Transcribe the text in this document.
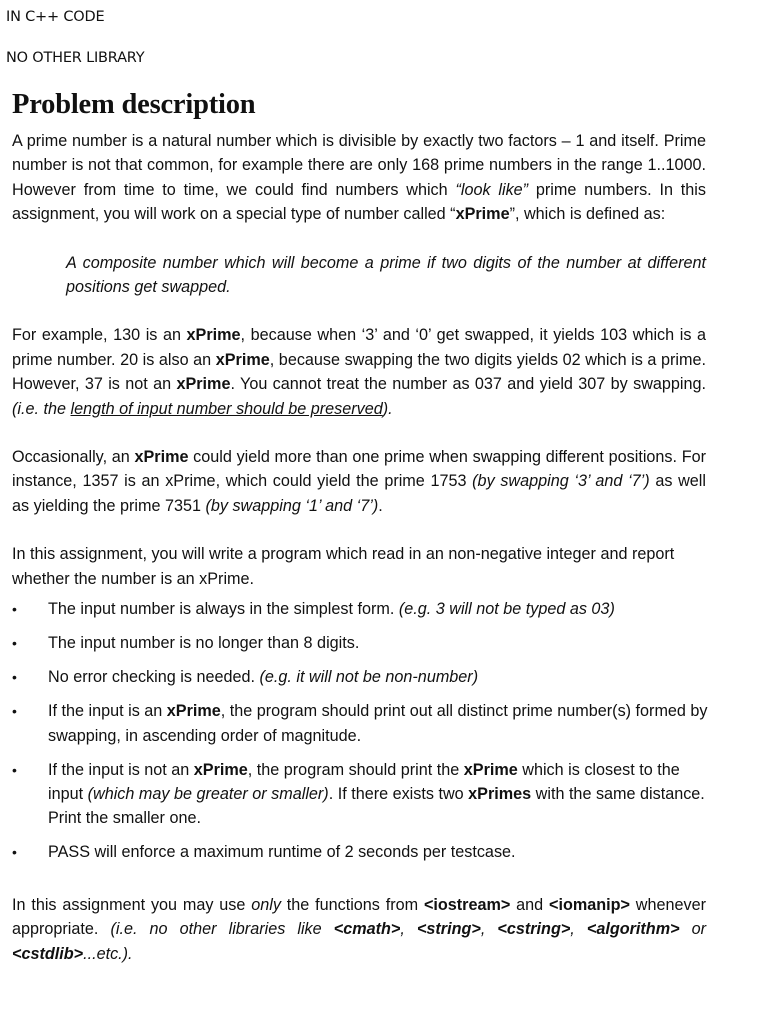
IN C++ CODE
NO OTHER LIBRARY
Problem description

A prime number is a natural number which is divisible by exactly two factors – 1 and itself. Prime number is not that common, for example there are only 168 prime numbers in the range 1..1000. However from time to time, we could find numbers which “look like” prime numbers. In this assignment, you will work on a special type of number called “xPrime”, which is defined as:

A composite number which will become a prime if two digits of the number at different positions get swapped.

For example, 130 is an xPrime, because when ‘3’ and ‘0’ get swapped, it yields 103 which is a prime number. 20 is also an xPrime, because swapping the two digits yields 02 which is a prime. However, 37 is not an xPrime. You cannot treat the number as 037 and yield 307 by swapping. (i.e. the length of input number should be preserved).

Occasionally, an xPrime could yield more than one prime when swapping different positions. For instance, 1357 is an xPrime, which could yield the prime 1753 (by swapping ‘3’ and ‘7’) as well as yielding the prime 7351 (by swapping ‘1’ and ‘7’).

In this assignment, you will write a program which read in an non-negative integer and report whether the number is an xPrime.

• The input number is always in the simplest form. (e.g. 3 will not be typed as 03)
• The input number is no longer than 8 digits.
• No error checking is needed. (e.g. it will not be non-number)
• If the input is an xPrime, the program should print out all distinct prime number(s) formed by swapping, in ascending order of magnitude.
• If the input is not an xPrime, the program should print the xPrime which is closest to the input (which may be greater or smaller). If there exists two xPrimes with the same distance. Print the smaller one.
• PASS will enforce a maximum runtime of 2 seconds per testcase.

In this assignment you may use only the functions from <iostream> and <iomanip> whenever appropriate. (i.e. no other libraries like <cmath>, <string>, <cstring>, <algorithm> or <cstdlib>...etc.).
